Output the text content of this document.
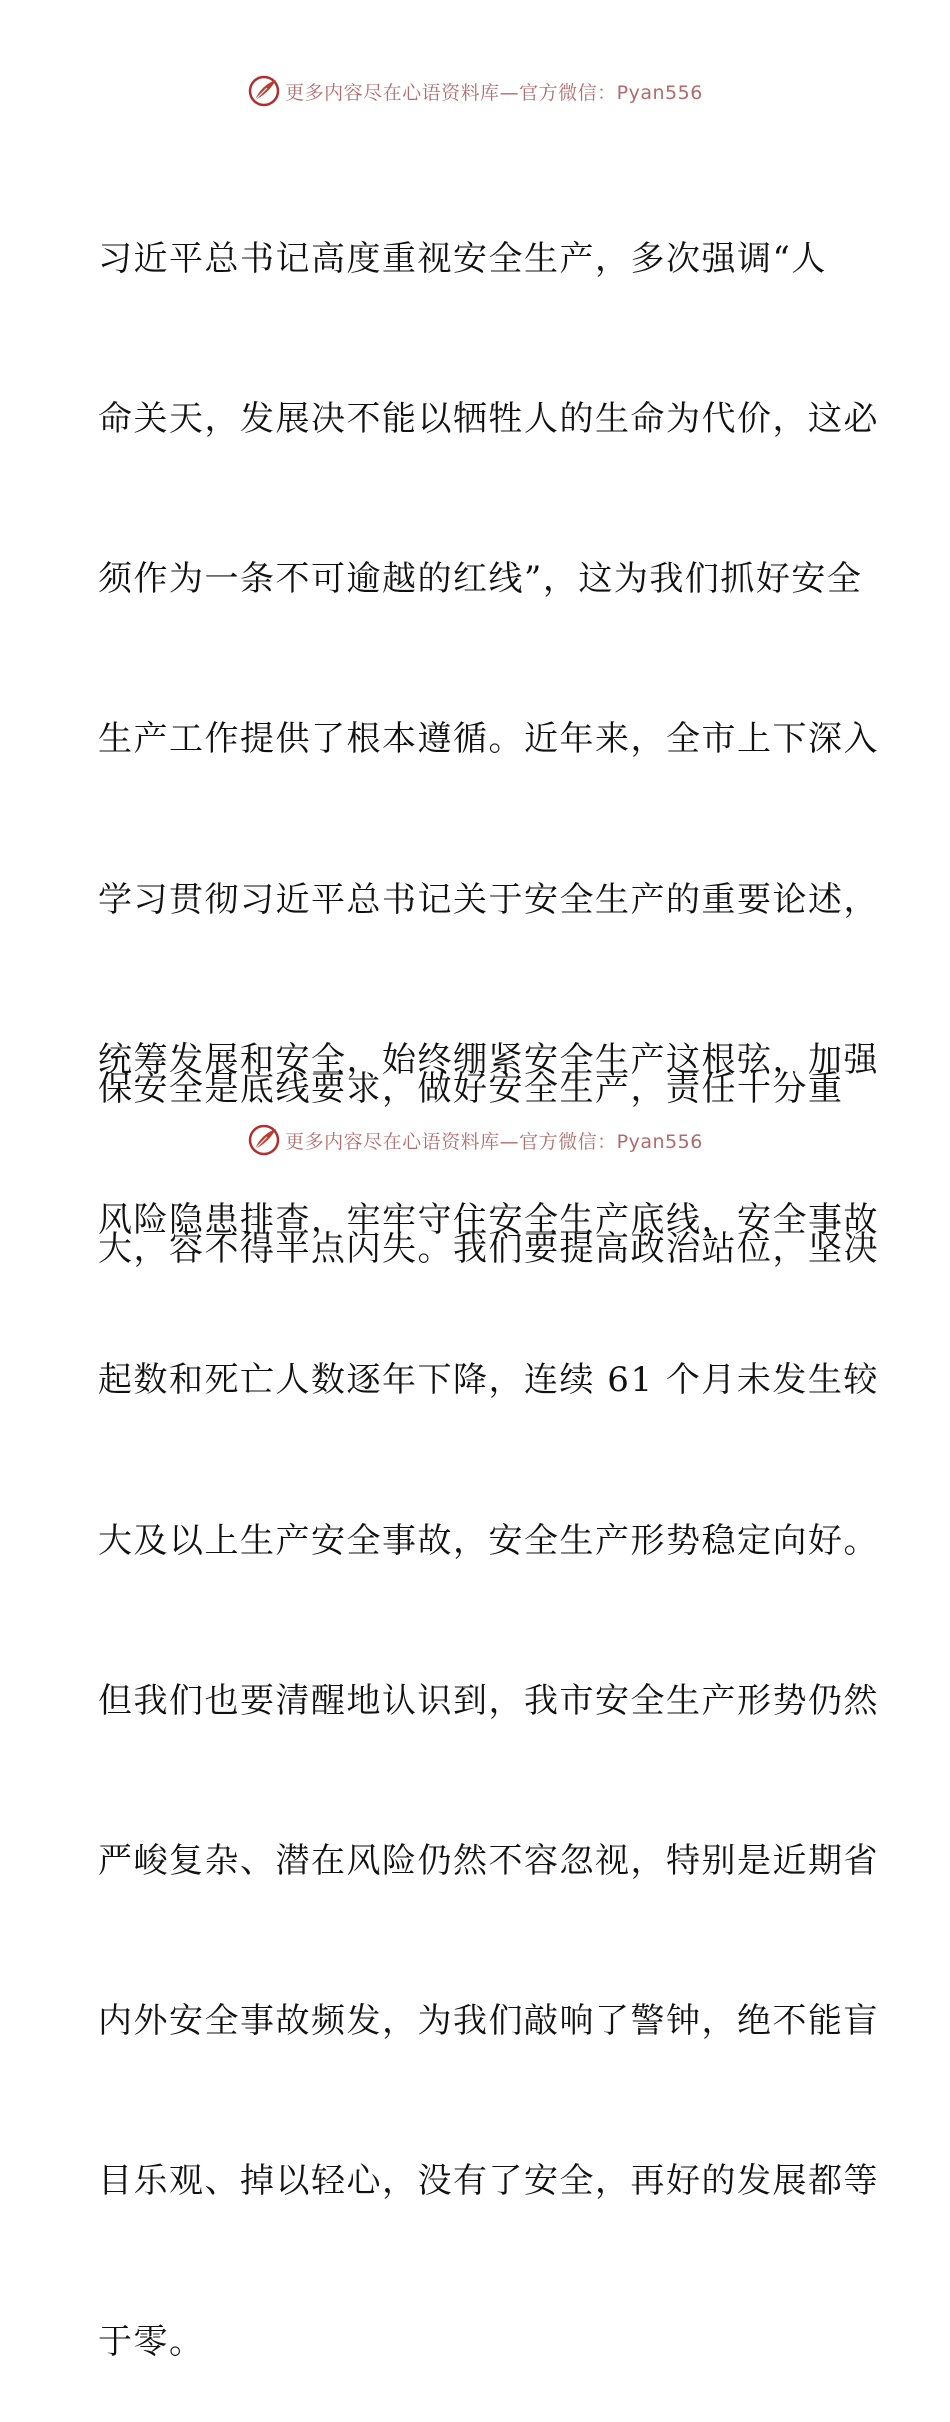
更多内容尽在心语资料库—官方微信：Pyan556

习近平总书记高度重视安全生产，多次强调“人

命关天，发展决不能以牺牲人的生命为代价，这必

须作为一条不可逾越的红线”，这为我们抓好安全

生产工作提供了根本遵循。近年来，全市上下深入

学习贯彻习近平总书记关于安全生产的重要论述，

统筹发展和安全，始终绷紧安全生产这根弦，加强

风险隐患排查，牢牢守住安全生产底线，安全事故

起数和死亡人数逐年下降，连续 61 个月未发生较

大及以上生产安全事故，安全生产形势稳定向好。

但我们也要清醒地认识到，我市安全生产形势仍然

严峻复杂、潜在风险仍然不容忽视，特别是近期省

内外安全事故频发，为我们敲响了警钟，绝不能盲

目乐观、掉以轻心，没有了安全，再好的发展都等

于零。

保安全是底线要求，做好安全生产，责任十分重

大，容不得半点闪失。我们要提高政治站位，坚决

更多内容尽在心语资料库—官方微信：Pyan556
